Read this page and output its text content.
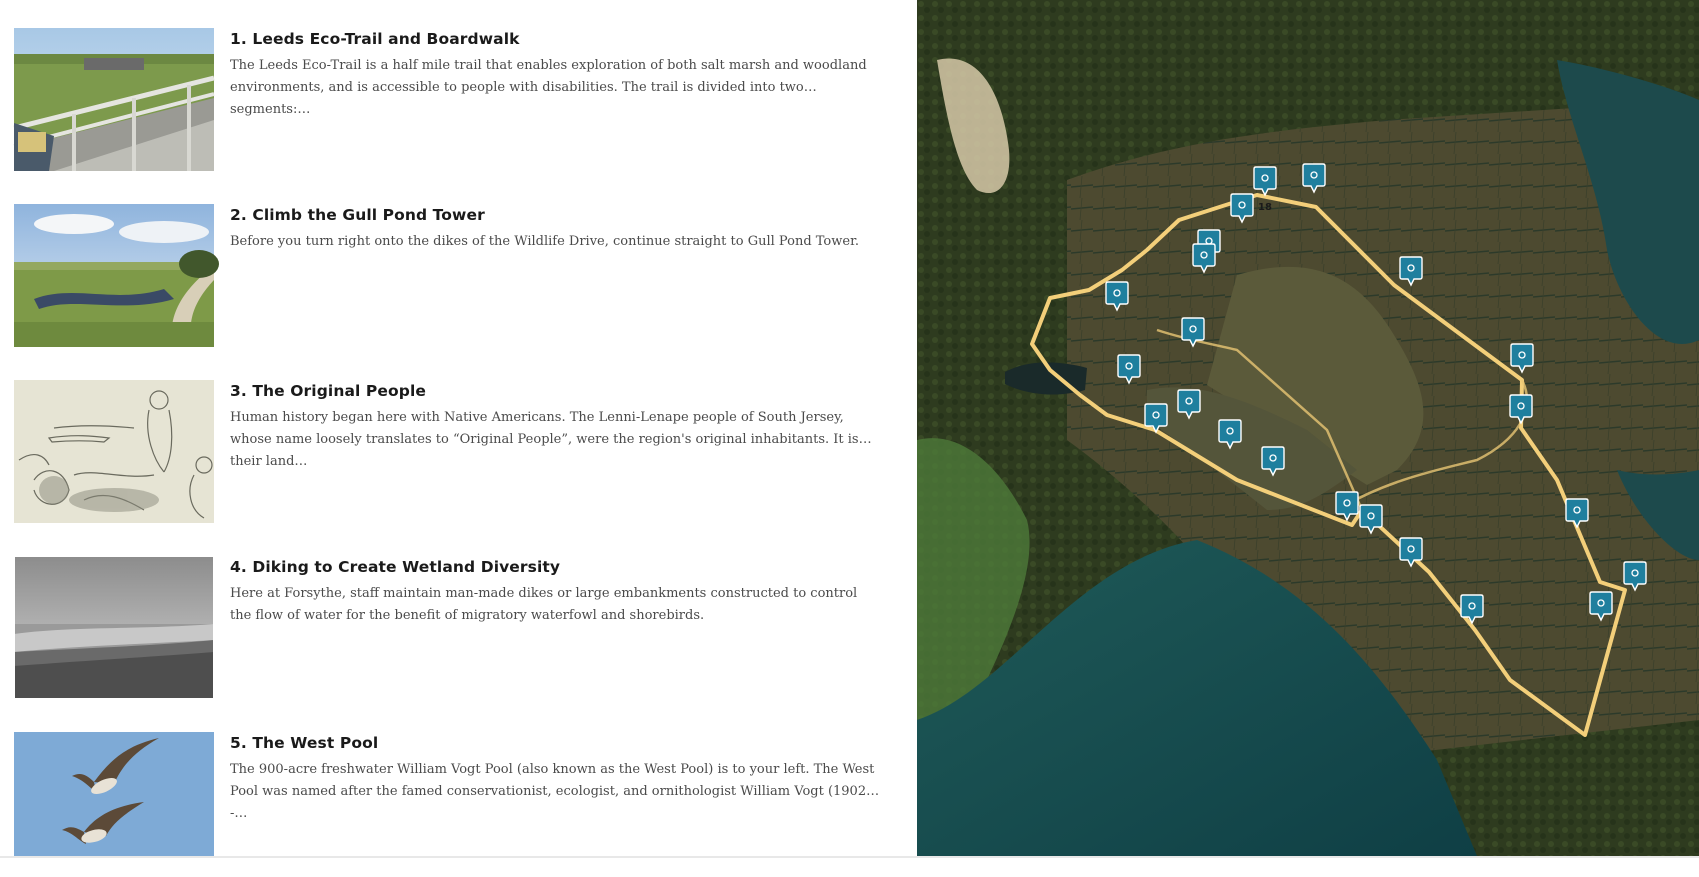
1. Leeds Eco-Trail and Boardwalk

The Leeds Eco-Trail is a half mile trail that enables exploration of both salt marsh and woodland environments, and is accessible to people with disabilities. The trail is divided into two segments:…

2. Climb the Gull Pond Tower

Before you turn right onto the dikes of the Wildlife Drive, continue straight to Gull Pond Tower.

3. The Original People

Human history began here with Native Americans. The Lenni-Lenape people of South Jersey, whose name loosely translates to “Original People”, were the region's original inhabitants. It is their land…

4. Diking to Create Wetland Diversity

Here at Forsythe, staff maintain man-made dikes or large embankments constructed to control the flow of water for the benefit of migratory waterfowl and shorebirds.

5. The West Pool

The 900-acre freshwater William Vogt Pool (also known as the West Pool) is to your left. The West Pool was named after the famed conservationist, ecologist, and ornithologist William Vogt (1902 -…

18
